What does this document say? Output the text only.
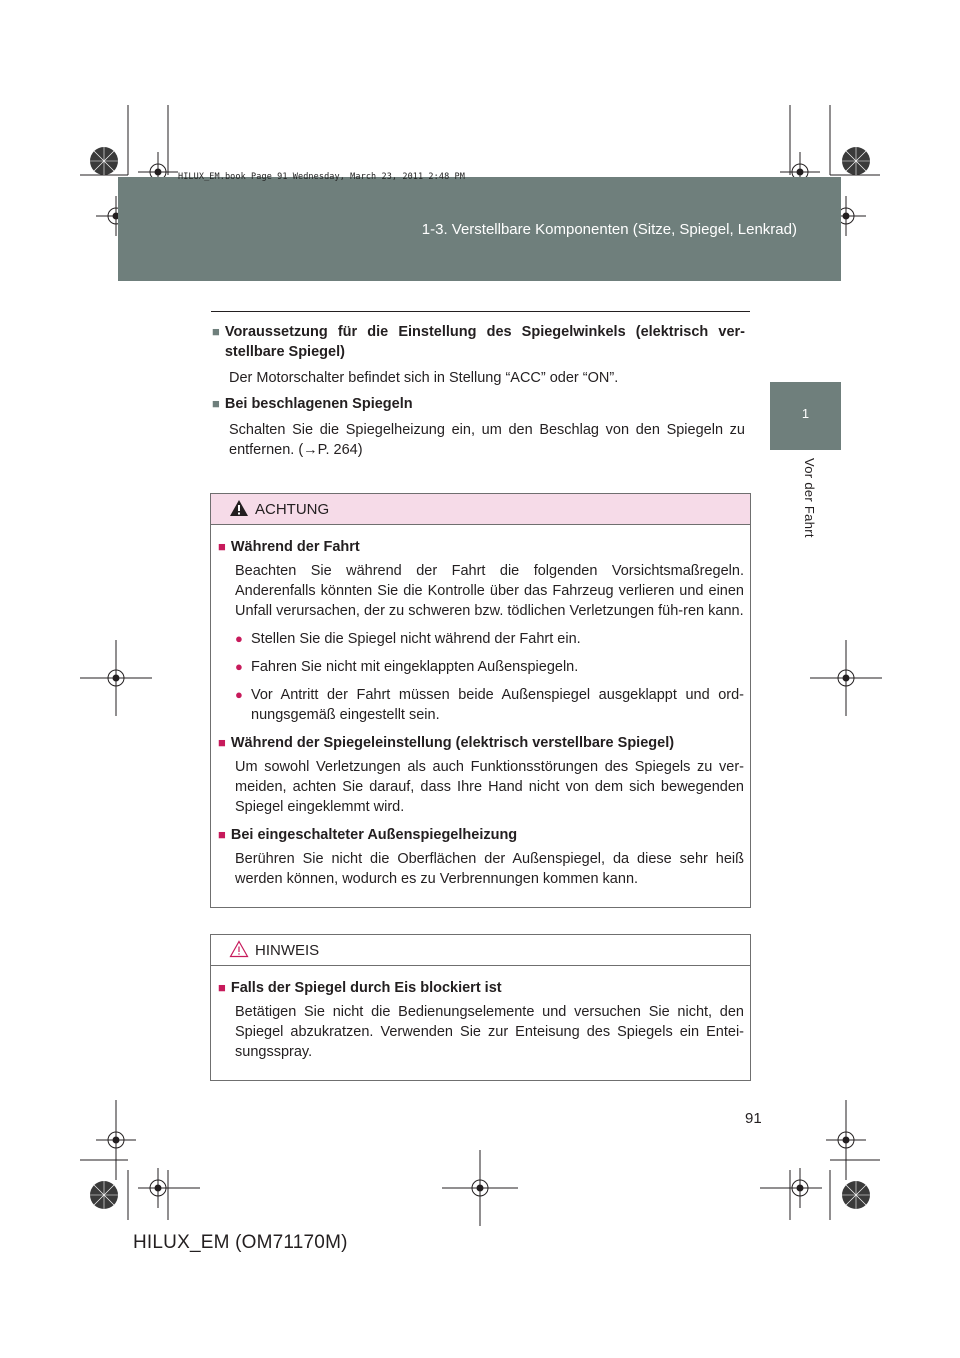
1-3. Verstellbare Komponenten (Sitze, Spiegel, Lenkrad)
HILUX_EM.book Page 91 Wednesday, March 23, 2011 2:48 PM
1
Vor der Fahrt
■ Voraussetzung für die Einstellung des Spiegelwinkels (elektrisch ver-stellbare Spiegel)
Der Motorschalter befindet sich in Stellung “ACC” oder “ON”.
■ Bei beschlagenen Spiegeln
Schalten Sie die Spiegelheizung ein, um den Beschlag von den Spiegeln zu entfernen. (→P. 264)
ACHTUNG
■ Während der Fahrt
Beachten Sie während der Fahrt die folgenden Vorsichtsmaßregeln. Anderenfalls könnten Sie die Kontrolle über das Fahrzeug verlieren und einen Unfall verursachen, der zu schweren bzw. tödlichen Verletzungen füh-ren kann.
● Stellen Sie die Spiegel nicht während der Fahrt ein.
● Fahren Sie nicht mit eingeklappten Außenspiegeln.
● Vor Antritt der Fahrt müssen beide Außenspiegel ausgeklappt und ord-nungsgemäß eingestellt sein.
■ Während der Spiegeleinstellung (elektrisch verstellbare Spiegel)
Um sowohl Verletzungen als auch Funktionsstörungen des Spiegels zu ver-meiden, achten Sie darauf, dass Ihre Hand nicht von dem sich bewegenden Spiegel eingeklemmt wird.
■ Bei eingeschalteter Außenspiegelheizung
Berühren Sie nicht die Oberflächen der Außenspiegel, da diese sehr heiß werden können, wodurch es zu Verbrennungen kommen kann.
HINWEIS
■ Falls der Spiegel durch Eis blockiert ist
Betätigen Sie nicht die Bedienungselemente und versuchen Sie nicht, den Spiegel abzukratzen. Verwenden Sie zur Enteisung des Spiegels ein Entei-sungsspray.
91
HILUX_EM (OM71170M)
